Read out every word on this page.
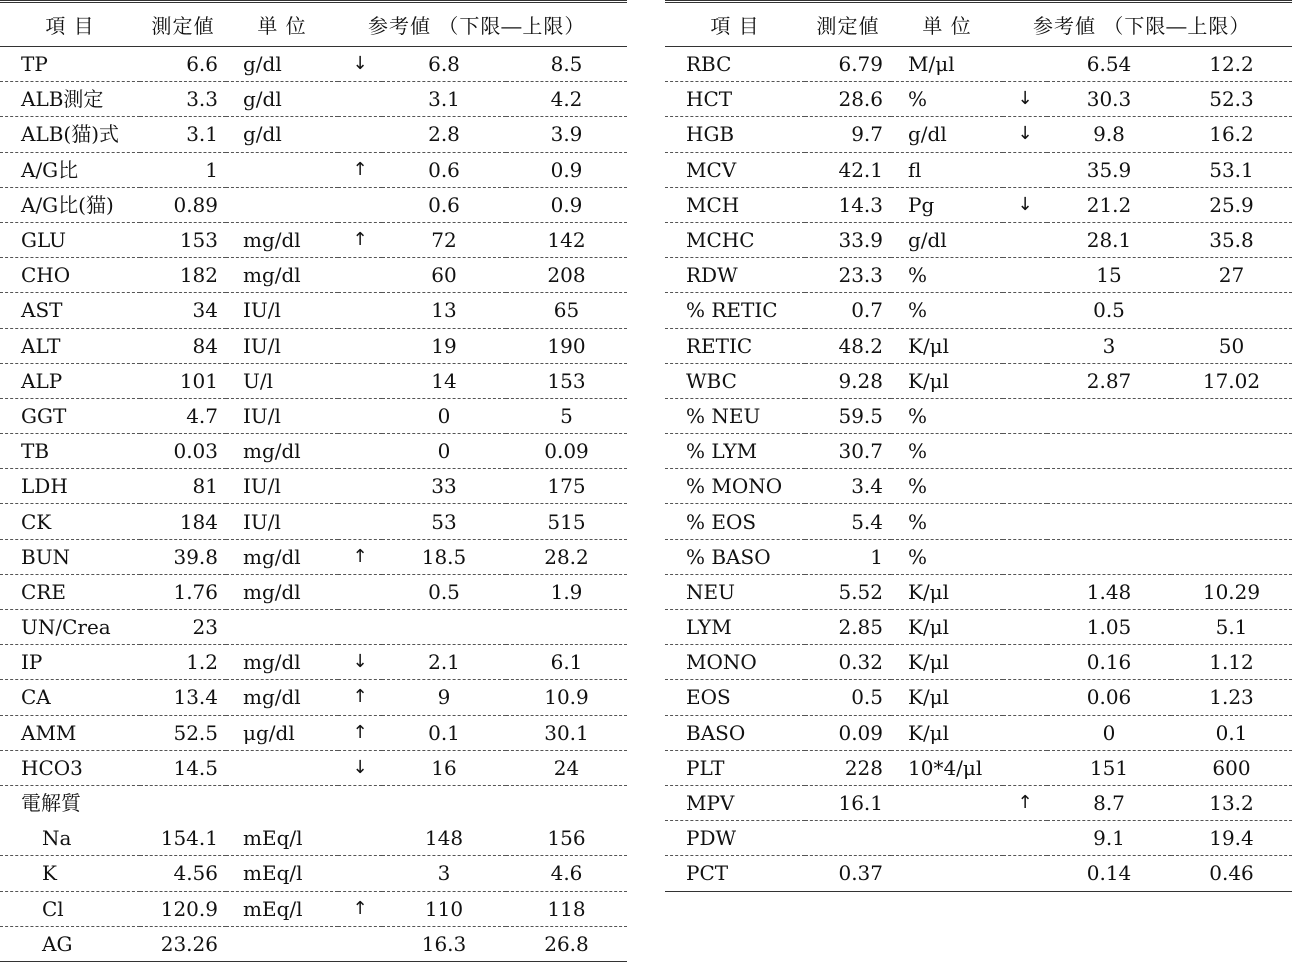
項 目	測定値	単 位	参考値 （下限―上限）		
TP	6.6	g/dl	↓	6.8	8.5
ALB測定	3.3	g/dl		3.1	4.2
ALB(猫)式	3.1	g/dl		2.8	3.9
A/G比	1		↑	0.6	0.9
A/G比(猫)	0.89			0.6	0.9
GLU	153	mg/dl	↑	72	142
CHO	182	mg/dl		60	208
AST	34	IU/l		13	65
ALT	84	IU/l		19	190
ALP	101	U/l		14	153
GGT	4.7	IU/l		0	5
TB	0.03	mg/dl		0	0.09
LDH	81	IU/l		33	175
CK	184	IU/l		53	515
BUN	39.8	mg/dl	↑	18.5	28.2
CRE	1.76	mg/dl		0.5	1.9
UN/Crea	23				
IP	1.2	mg/dl	↓	2.1	6.1
CA	13.4	mg/dl	↑	9	10.9
AMM	52.5	μg/dl	↑	0.1	30.1
HCO3	14.5		↓	16	24
電解質					
Na	154.1	mEq/l		148	156
K	4.56	mEq/l		3	4.6
Cl	120.9	mEq/l	↑	110	118
AG	23.26			16.3	26.8
項 目	測定値	単 位	参考値 （下限―上限）		
RBC	6.79	M/μl		6.54	12.2
HCT	28.6	%	↓	30.3	52.3
HGB	9.7	g/dl	↓	9.8	16.2
MCV	42.1	fl		35.9	53.1
MCH	14.3	Pg	↓	21.2	25.9
MCHC	33.9	g/dl		28.1	35.8
RDW	23.3	%		15	27
% RETIC	0.7	%		0.5	
RETIC	48.2	K/μl		3	50
WBC	9.28	K/μl		2.87	17.02
% NEU	59.5	%			
% LYM	30.7	%			
% MONO	3.4	%			
% EOS	5.4	%			
% BASO	1	%			
NEU	5.52	K/μl		1.48	10.29
LYM	2.85	K/μl		1.05	5.1
MONO	0.32	K/μl		0.16	1.12
EOS	0.5	K/μl		0.06	1.23
BASO	0.09	K/μl		0	0.1
PLT	228	10*4/μl		151	600
MPV	16.1		↑	8.7	13.2
PDW				9.1	19.4
PCT	0.37			0.14	0.46
